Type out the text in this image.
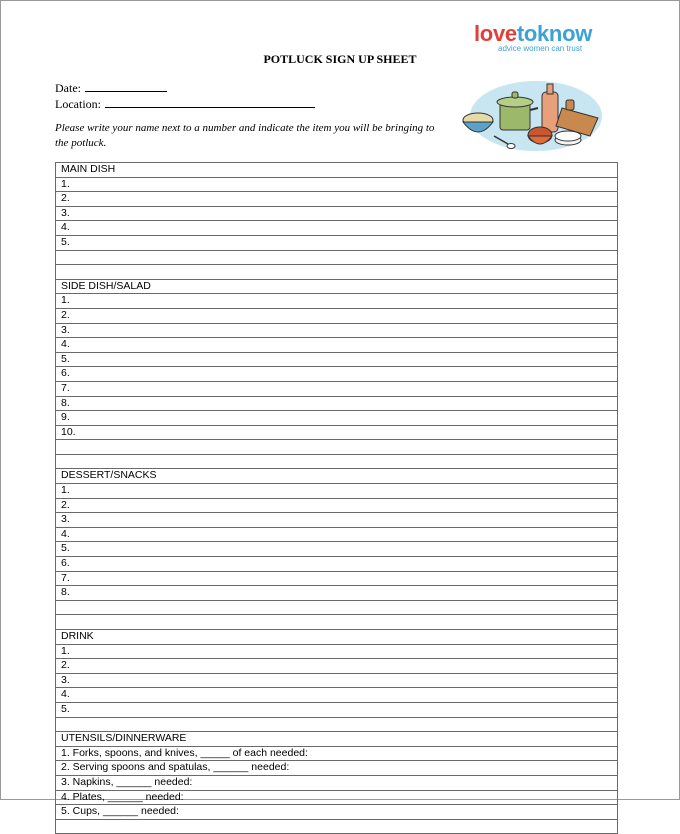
lovetoknow
advice women can trust
POTLUCK SIGN UP SHEET
Date:
Location:
Please write your name next to a number and indicate the item you will be bringing to the potluck.
MAIN DISH
1.
2.
3.
4.
5.
SIDE DISH/SALAD
1.
2.
3.
4.
5.
6.
7.
8.
9.
10.
DESSERT/SNACKS
1.
2.
3.
4.
5.
6.
7.
8.
DRINK
1.
2.
3.
4.
5.
UTENSILS/DINNERWARE
1. Forks, spoons, and knives, _____ of each needed:
2. Serving spoons and spatulas, ______ needed:
3. Napkins, ______ needed:
4. Plates, ______ needed:
5. Cups, ______ needed:
